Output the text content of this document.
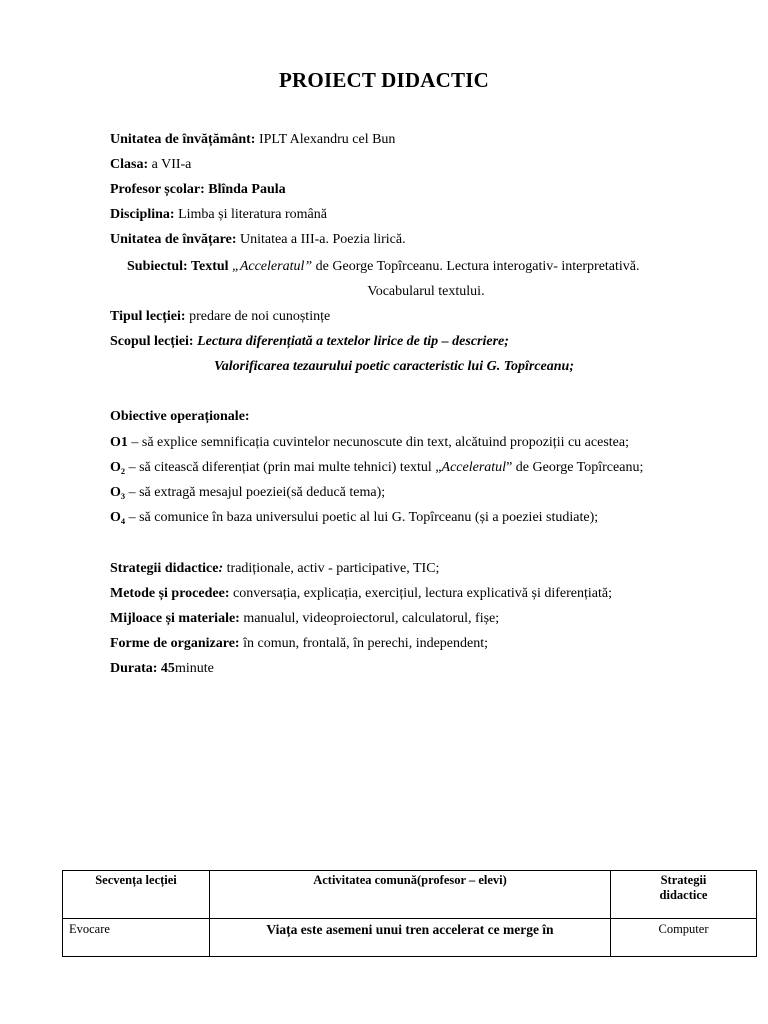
PROIECT DIDACTIC
Unitatea de învățământ: IPLT Alexandru cel Bun
Clasa: a VII-a
Profesor școlar: Blînda Paula
Disciplina: Limba și literatura română
Unitatea de învățare: Unitatea a III-a. Poezia lirică.
Subiectul: Textul „Acceleratul” de George Topîrceanu. Lectura interogativ- interpretativă.
Vocabularul textului.
Tipul lecției: predare de noi cunoștințe
Scopul lecției: Lectura diferențiată a textelor lirice de tip – descriere;
Valorificarea tezaurului poetic caracteristic lui G. Topîrceanu;
Obiective operaționale:
O1 – să explice semnificația cuvintelor necunoscute din text, alcătuind propoziții cu acestea;
O₂ – să citească diferențiat (prin mai multe tehnici) textul „Acceleratul” de George Topîrceanu;
O₃ – să extragă mesajul poeziei(să deducă tema);
O₄ – să comunice în baza universului poetic al lui G. Topîrceanu (și a poeziei studiate);
Strategii didactice: tradiționale, activ - participative, TIC;
Metode și procedee: conversația, explicația, exercițiul, lectura explicativă și diferențiată;
Mijloace și materiale: manualul, videoproiectorul, calculatorul, fișe;
Forme de organizare: în comun, frontală, în perechi, independent;
Durata: 45minute
Secvența lecției	Activitatea comună(profesor – elevi)	Strategii didactice
Evocare	Viața este asemeni unui tren accelerat ce merge în	Computer
